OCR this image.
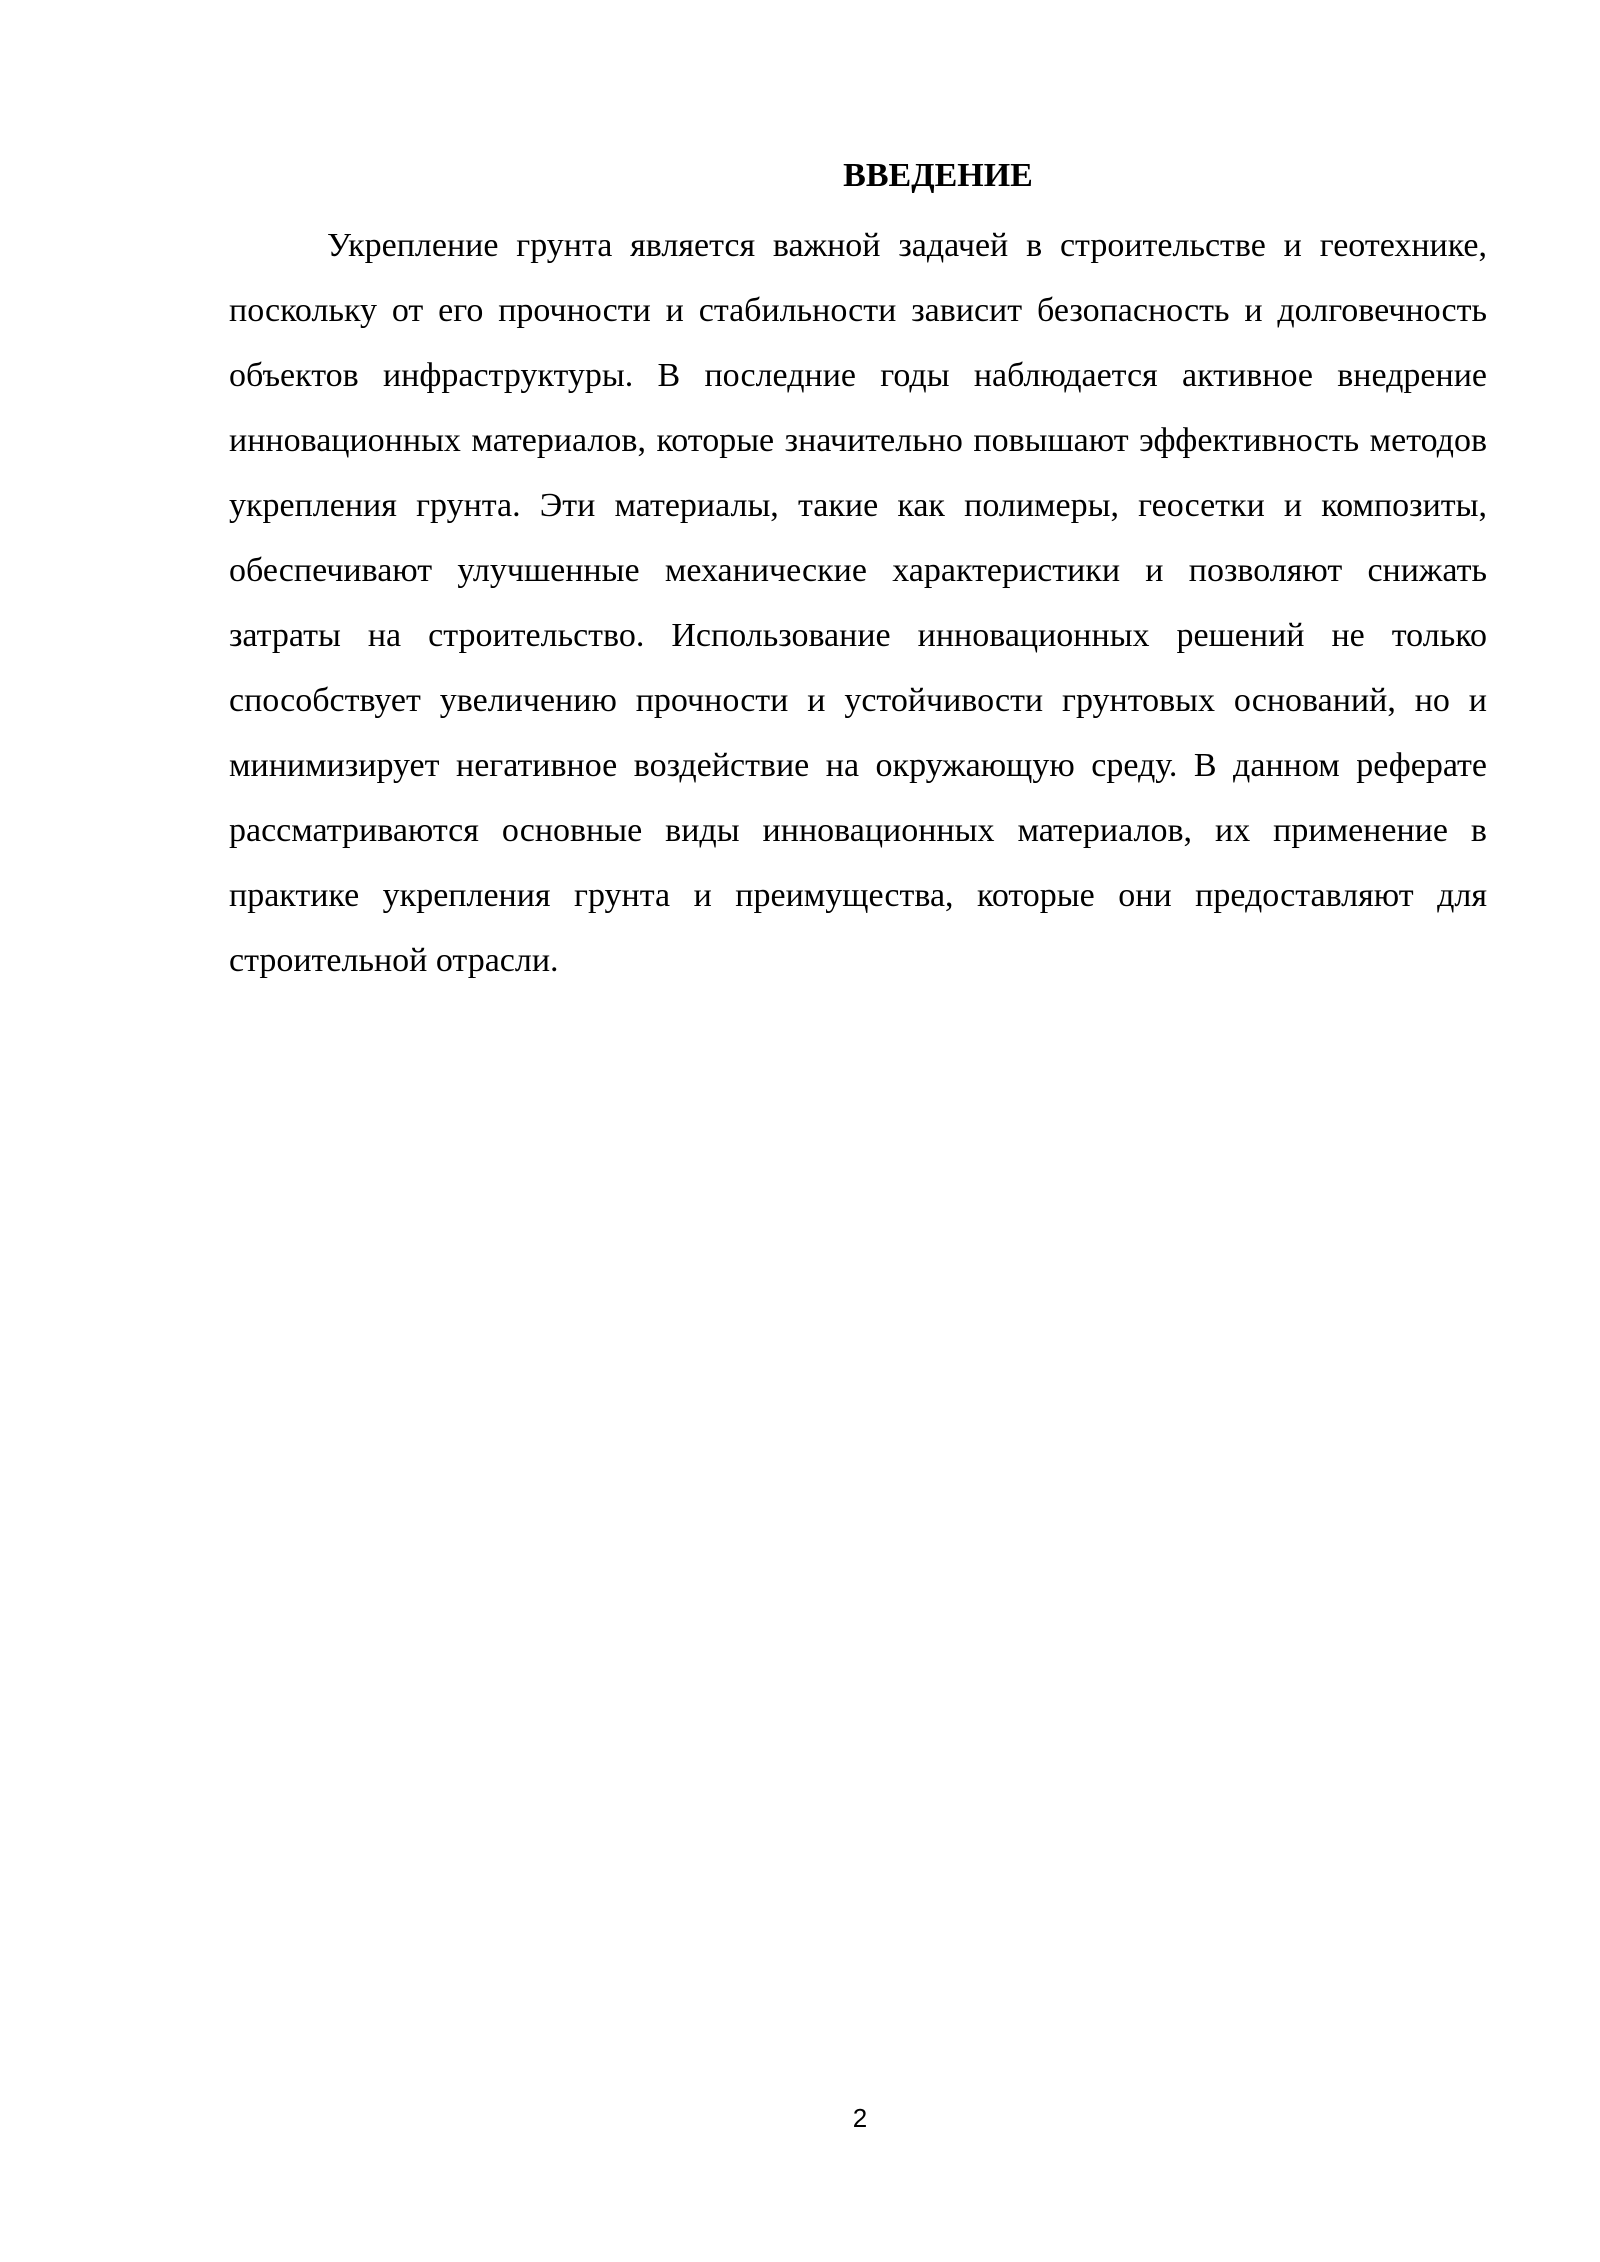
ВВЕДЕНИЕ

Укрепление грунта является важной задачей в строительстве и геотехнике, поскольку от его прочности и стабильности зависит безопасность и долговечность объектов инфраструктуры. В последние годы наблюдается активное внедрение инновационных материалов, которые значительно повышают эффективность методов укрепления грунта. Эти материалы, такие как полимеры, геосетки и композиты, обеспечивают улучшенные механические характеристики и позволяют снижать затраты на строительство. Использование инновационных решений не только способствует увеличению прочности и устойчивости грунтовых оснований, но и минимизирует негативное воздействие на окружающую среду. В данном реферате рассматриваются основные виды инновационных материалов, их применение в практике укрепления грунта и преимущества, которые они предоставляют для строительной отрасли.

2
